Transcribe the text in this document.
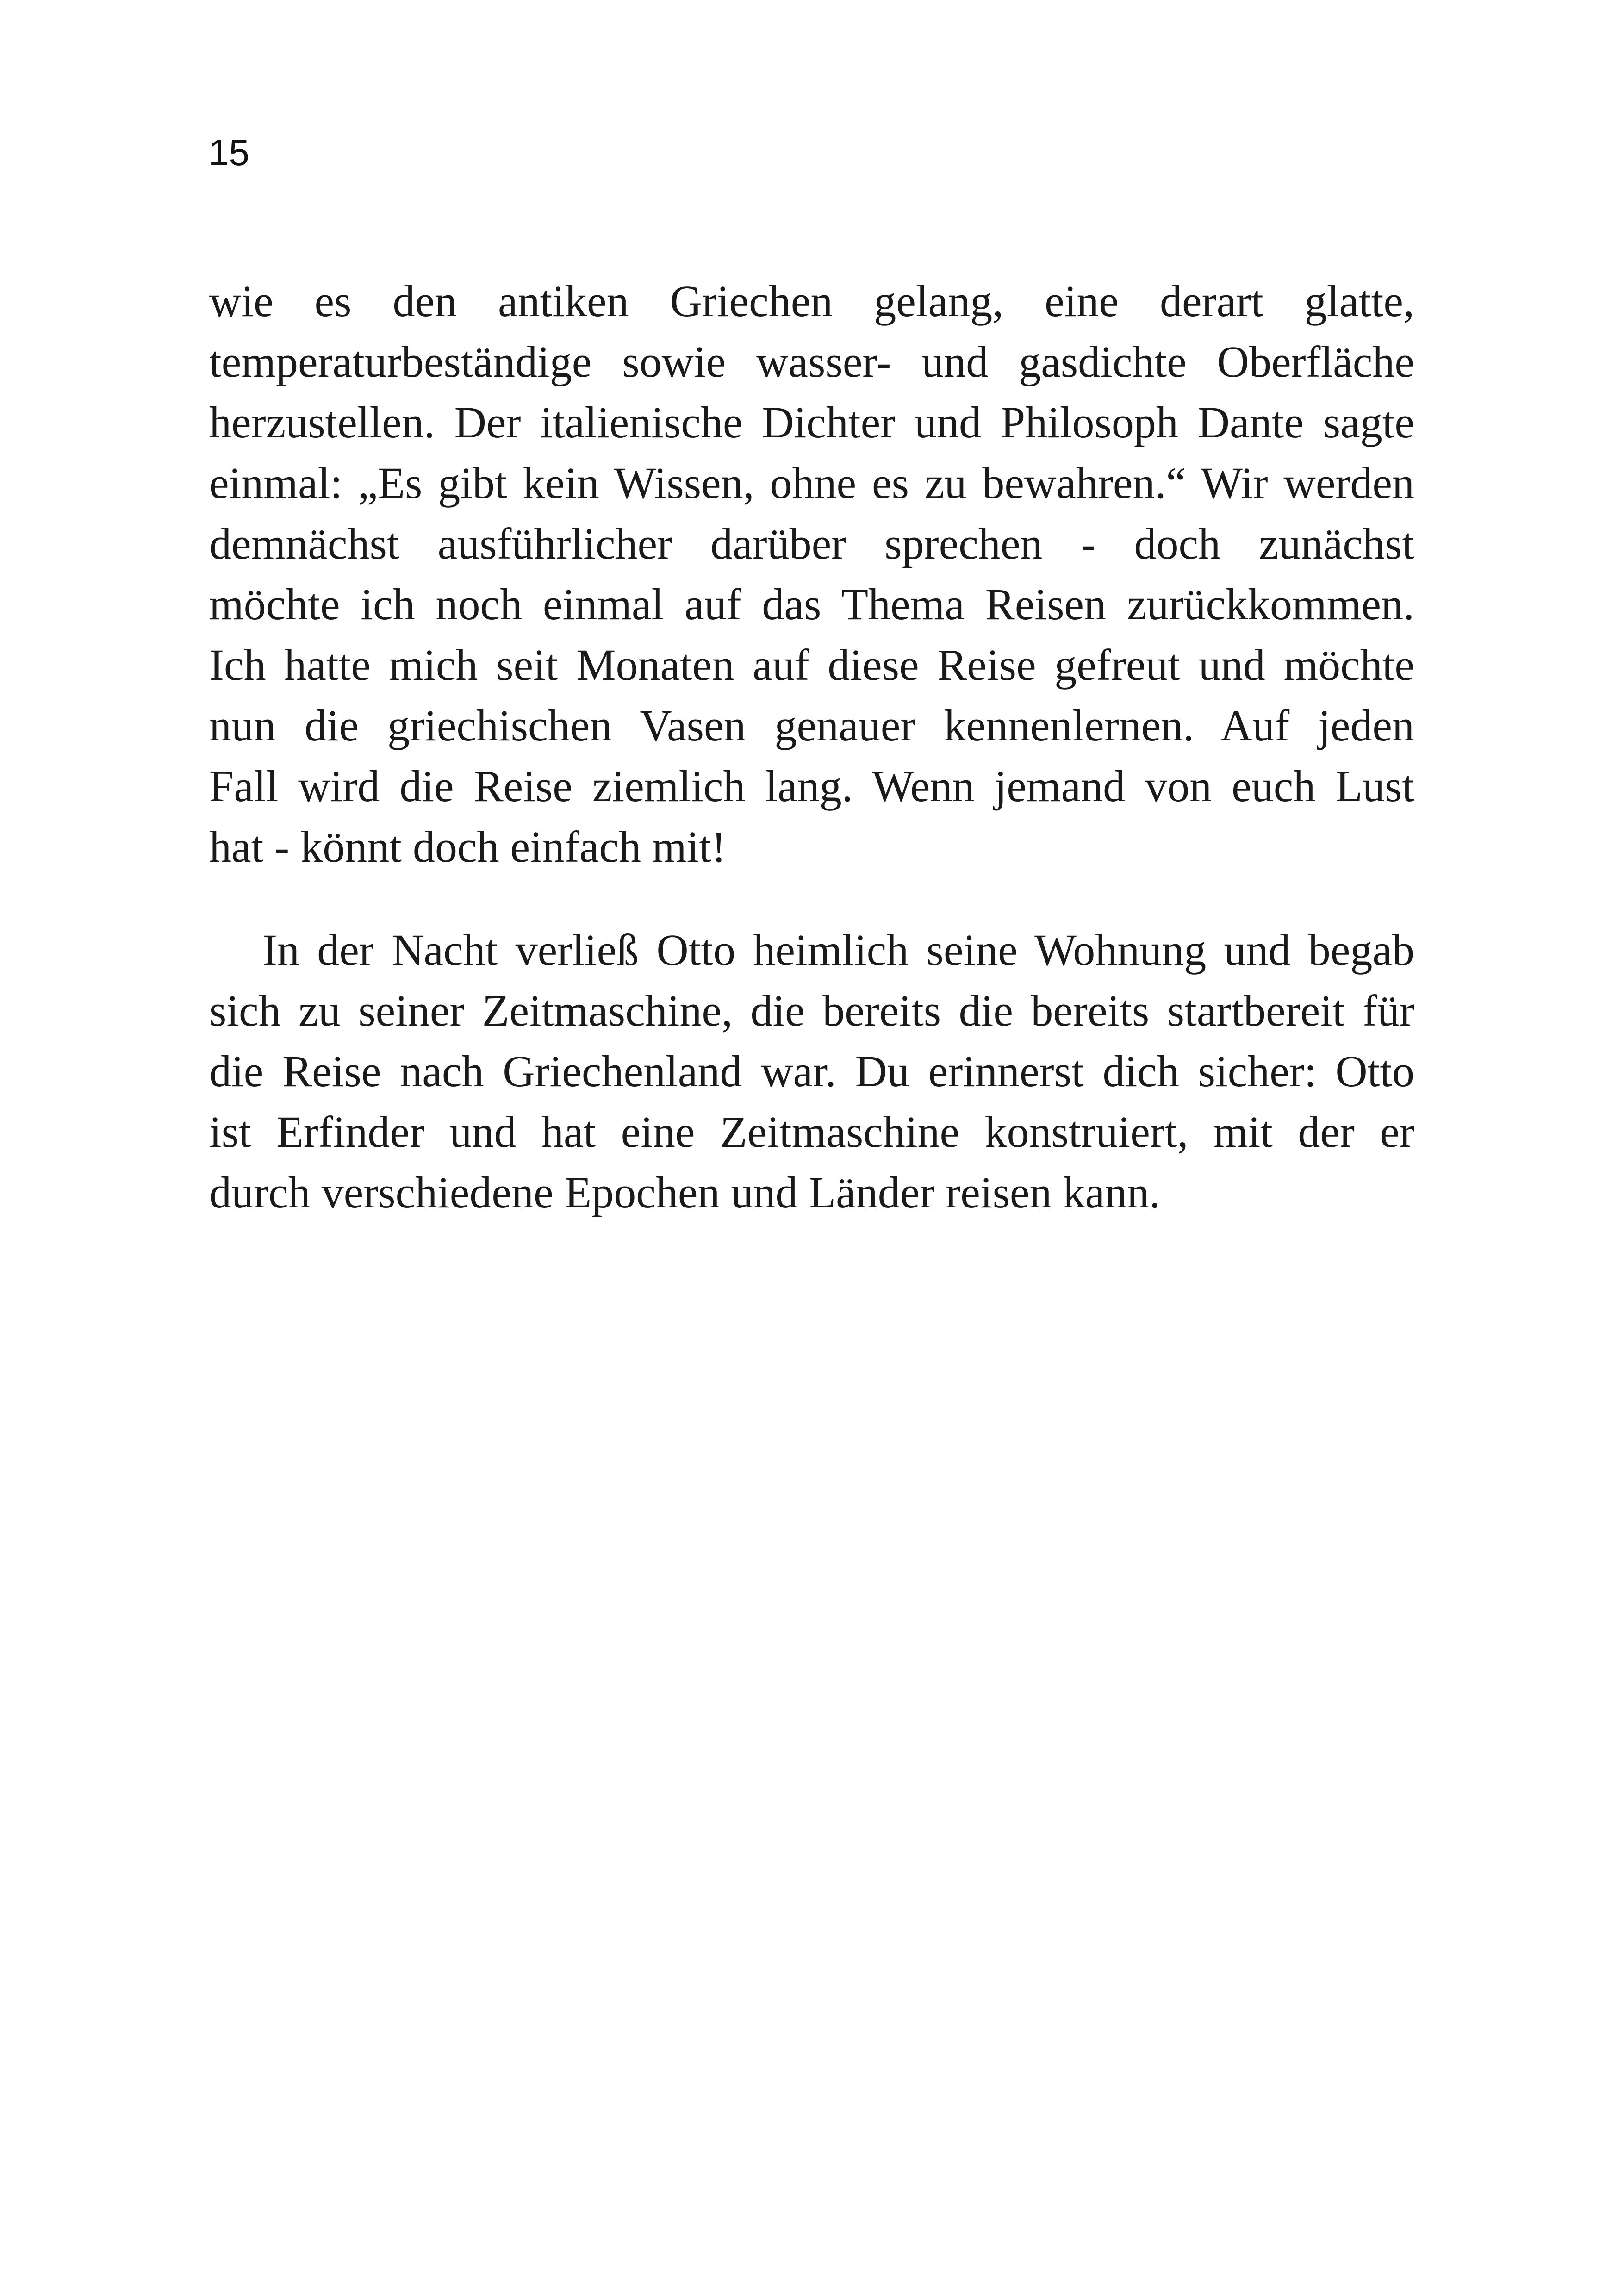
15
wie es den antiken Griechen gelang, eine derart glatte,
temperaturbeständige sowie wasser- und gasdichte Oberfläche
herzustellen. Der italienische Dichter und Philosoph Dante sagte
einmal: „Es gibt kein Wissen, ohne es zu bewahren.“ Wir werden
demnächst ausführlicher darüber sprechen - doch zunächst
möchte ich noch einmal auf das Thema Reisen zurückkommen.
Ich hatte mich seit Monaten auf diese Reise gefreut und möchte
nun die griechischen Vasen genauer kennenlernen. Auf jeden
Fall wird die Reise ziemlich lang. Wenn jemand von euch Lust
hat - könnt doch einfach mit!
In der Nacht verließ Otto heimlich seine Wohnung und begab
sich zu seiner Zeitmaschine, die bereits die bereits startbereit für
die Reise nach Griechenland war. Du erinnerst dich sicher: Otto
ist Erfinder und hat eine Zeitmaschine konstruiert, mit der er
durch verschiedene Epochen und Länder reisen kann.
